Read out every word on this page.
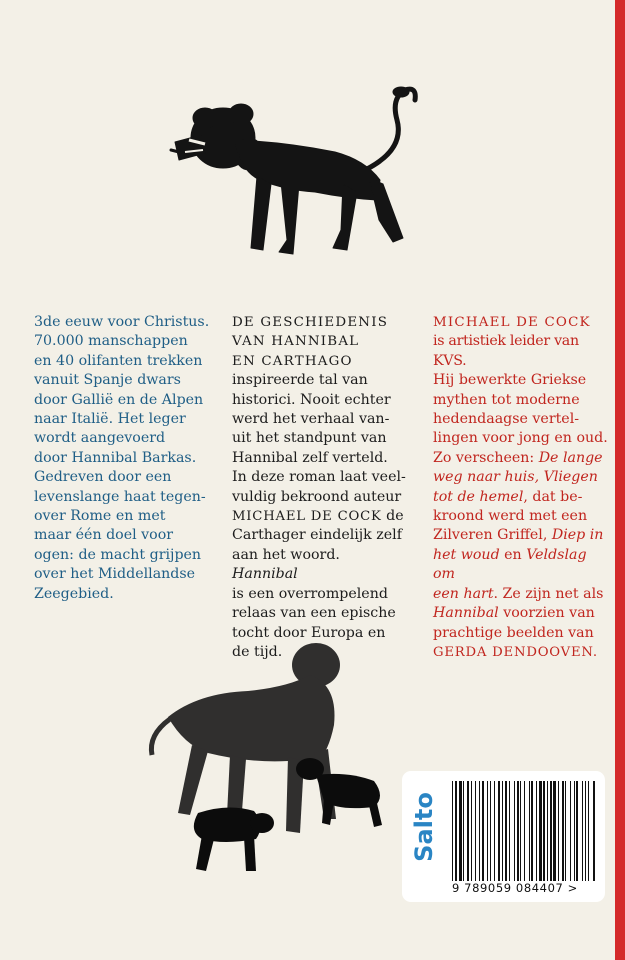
3de eeuw voor Christus.

70.000 manschappen

en 40 olifanten trekken

vanuit Spanje dwars

door Gallië en de Alpen

naar Italië. Het leger

wordt aangevoerd

door Hannibal Barkas.

Gedreven door een

levenslange haat tegen-

over Rome en met

maar één doel voor

ogen: de macht grijpen

over het Middellandse

Zeegebied.

DE GESCHIEDENIS

VAN HANNIBAL

EN CARTHAGO

inspireerde tal van

historici. Nooit echter

werd het verhaal van-

uit het standpunt van

Hannibal zelf verteld.

In deze roman laat veel-

vuldig bekroond auteur

MICHAEL DE COCK de

Carthager eindelijk zelf

aan het woord.

Hannibal

is een overrompelend

relaas van een epische

tocht door Europa en

de tijd.

MICHAEL DE COCK

is artistiek leider van KVS.

Hij bewerkte Griekse

mythen tot moderne

hedendaagse vertel-

lingen voor jong en oud.

Zo verscheen: De lange

weg naar huis, Vliegen

tot de hemel, dat be-

kroond werd met een

Zilveren Griffel, Diep in

het woud en Veldslag om

een hart. Ze zijn net als

Hannibal voorzien van

prachtige beelden van

GERDA DENDOOVEN.

Salto
9 789059 084407 >
